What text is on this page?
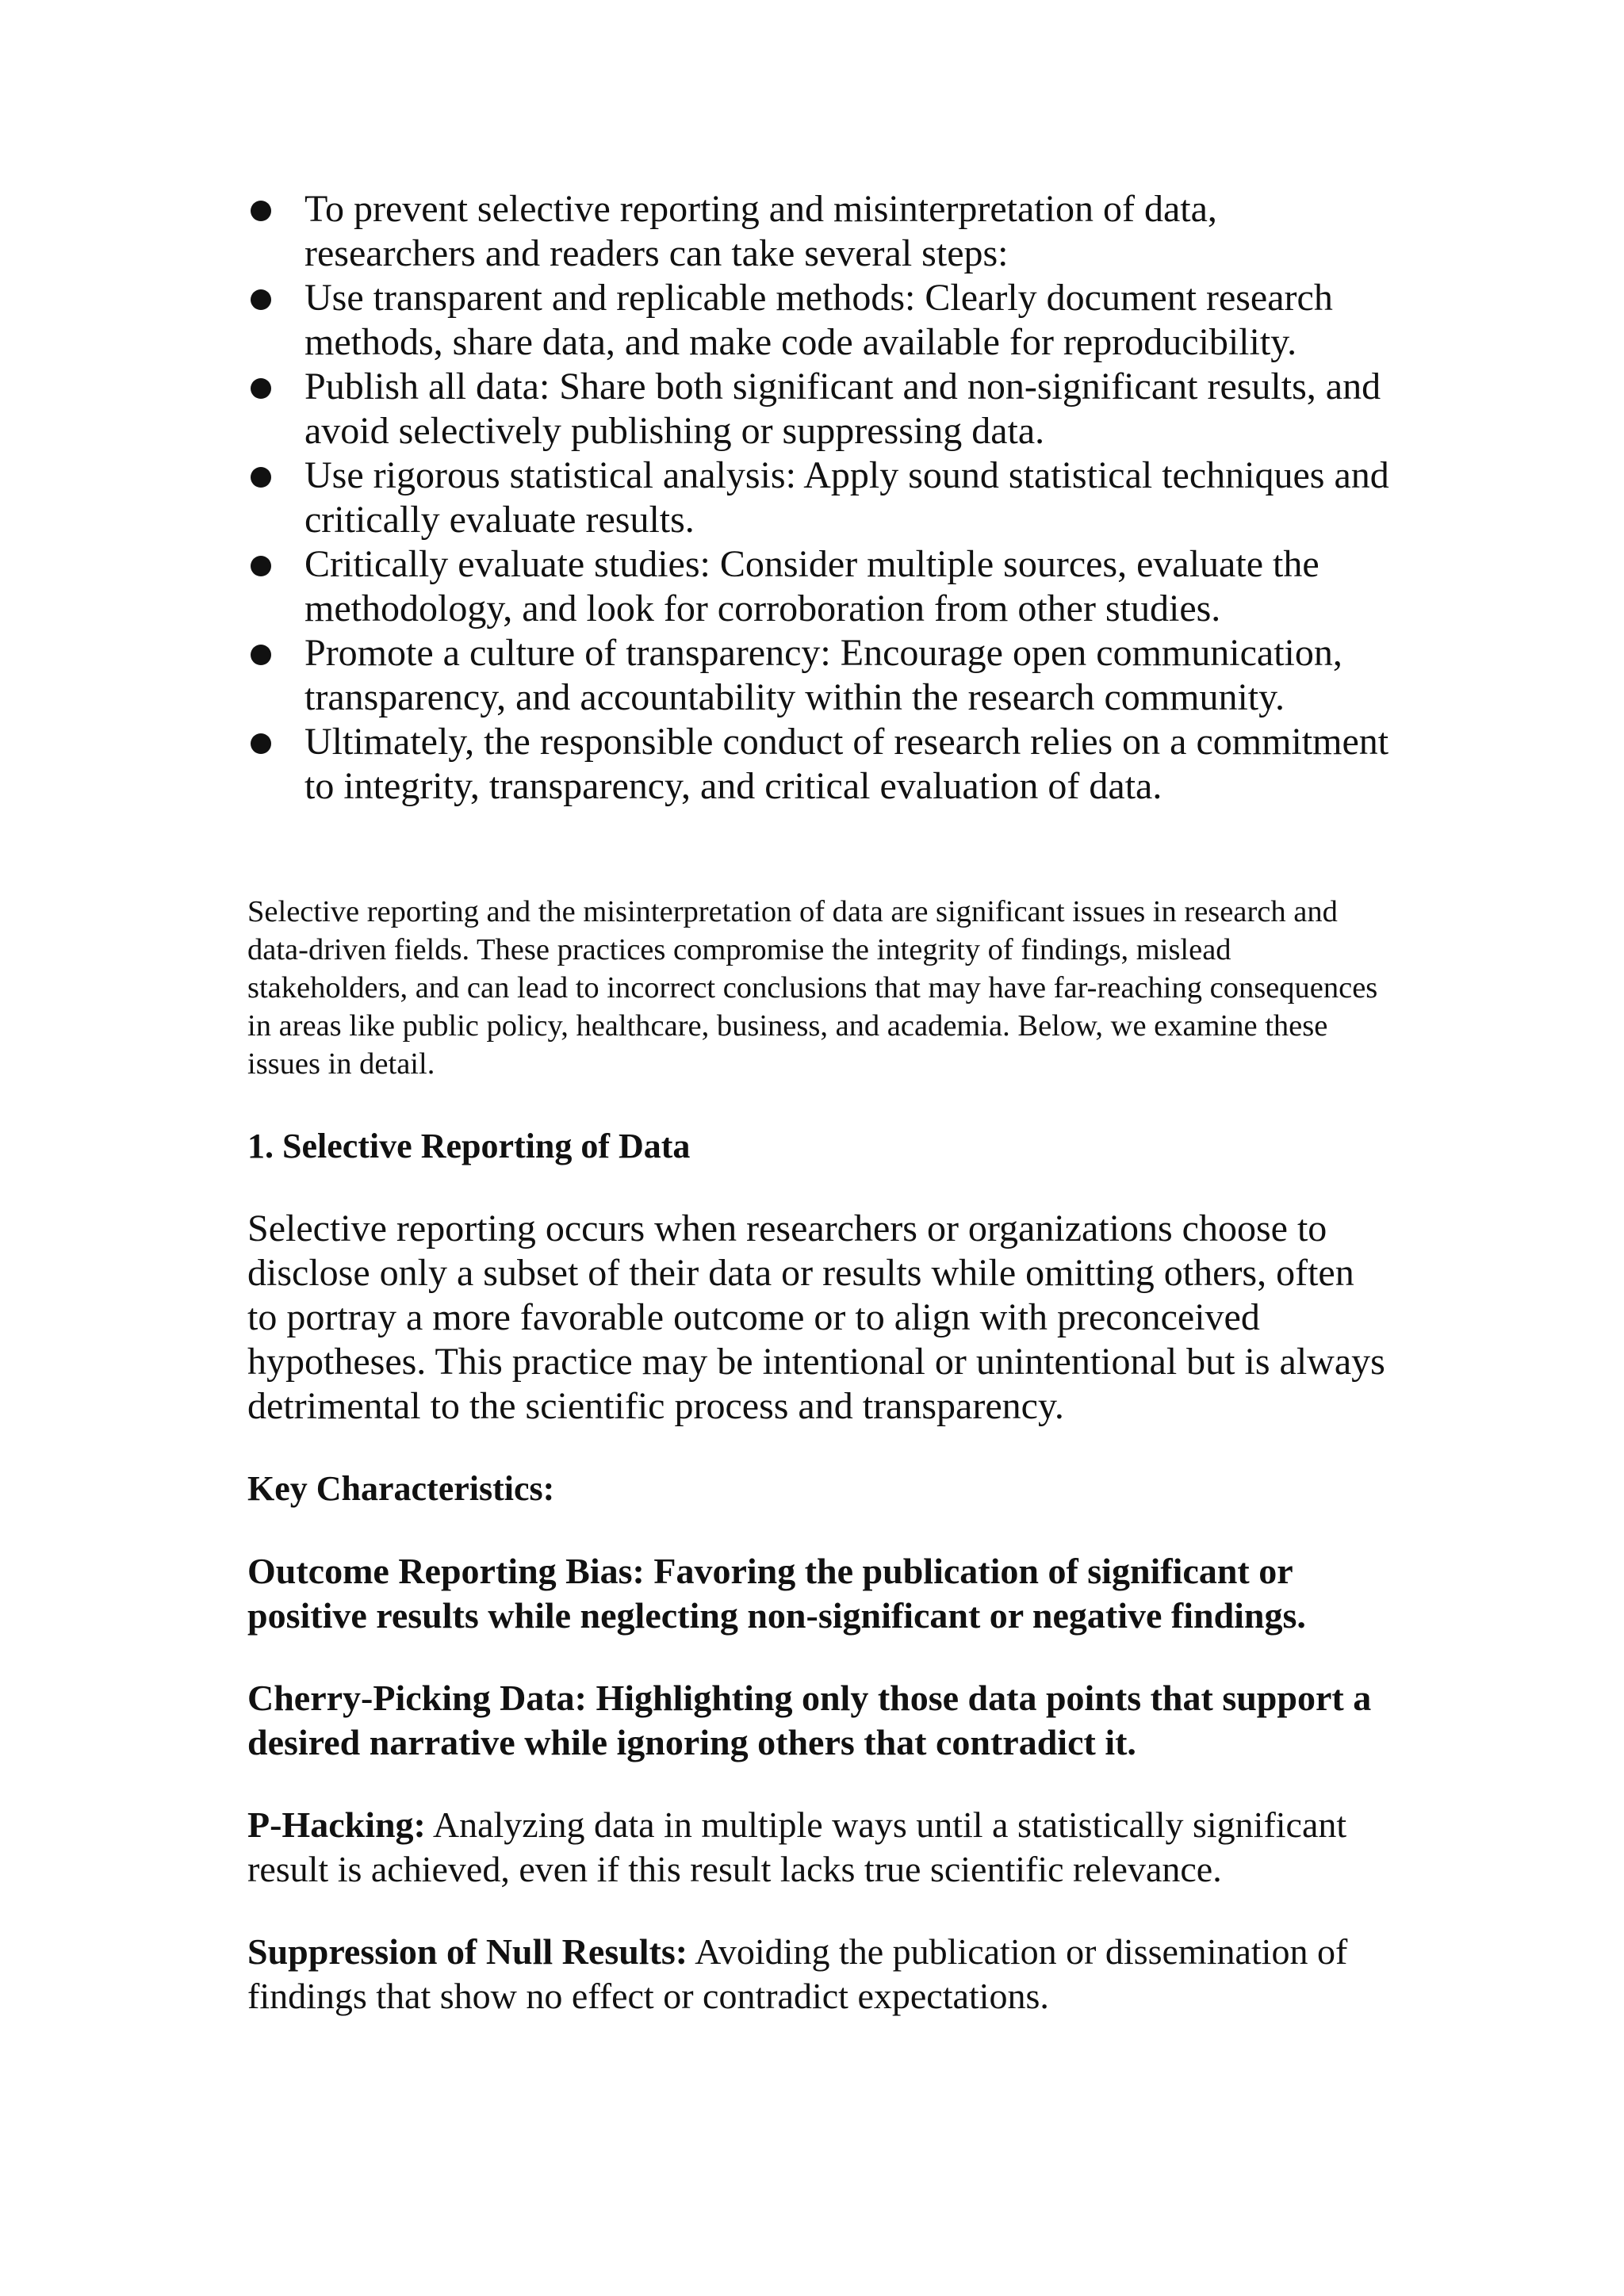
To prevent selective reporting and misinterpretation of data, researchers and readers can take several steps:
Use transparent and replicable methods: Clearly document research methods, share data, and make code available for reproducibility.
Publish all data: Share both significant and non-significant results, and avoid selectively publishing or suppressing data.
Use rigorous statistical analysis: Apply sound statistical techniques and critically evaluate results.
Critically evaluate studies: Consider multiple sources, evaluate the methodology, and look for corroboration from other studies.
Promote a culture of transparency: Encourage open communication, transparency, and accountability within the research community.
Ultimately, the responsible conduct of research relies on a commitment to integrity, transparency, and critical evaluation of data.

Selective reporting and the misinterpretation of data are significant issues in research and data-driven fields. These practices compromise the integrity of findings, mislead stakeholders, and can lead to incorrect conclusions that may have far-reaching consequences in areas like public policy, healthcare, business, and academia. Below, we examine these issues in detail.

1. Selective Reporting of Data

Selective reporting occurs when researchers or organizations choose to disclose only a subset of their data or results while omitting others, often to portray a more favorable outcome or to align with preconceived hypotheses. This practice may be intentional or unintentional but is always detrimental to the scientific process and transparency.

Key Characteristics:

Outcome Reporting Bias: Favoring the publication of significant or positive results while neglecting non-significant or negative findings.

Cherry-Picking Data: Highlighting only those data points that support a desired narrative while ignoring others that contradict it.

P-Hacking: Analyzing data in multiple ways until a statistically significant result is achieved, even if this result lacks true scientific relevance.

Suppression of Null Results: Avoiding the publication or dissemination of findings that show no effect or contradict expectations.
